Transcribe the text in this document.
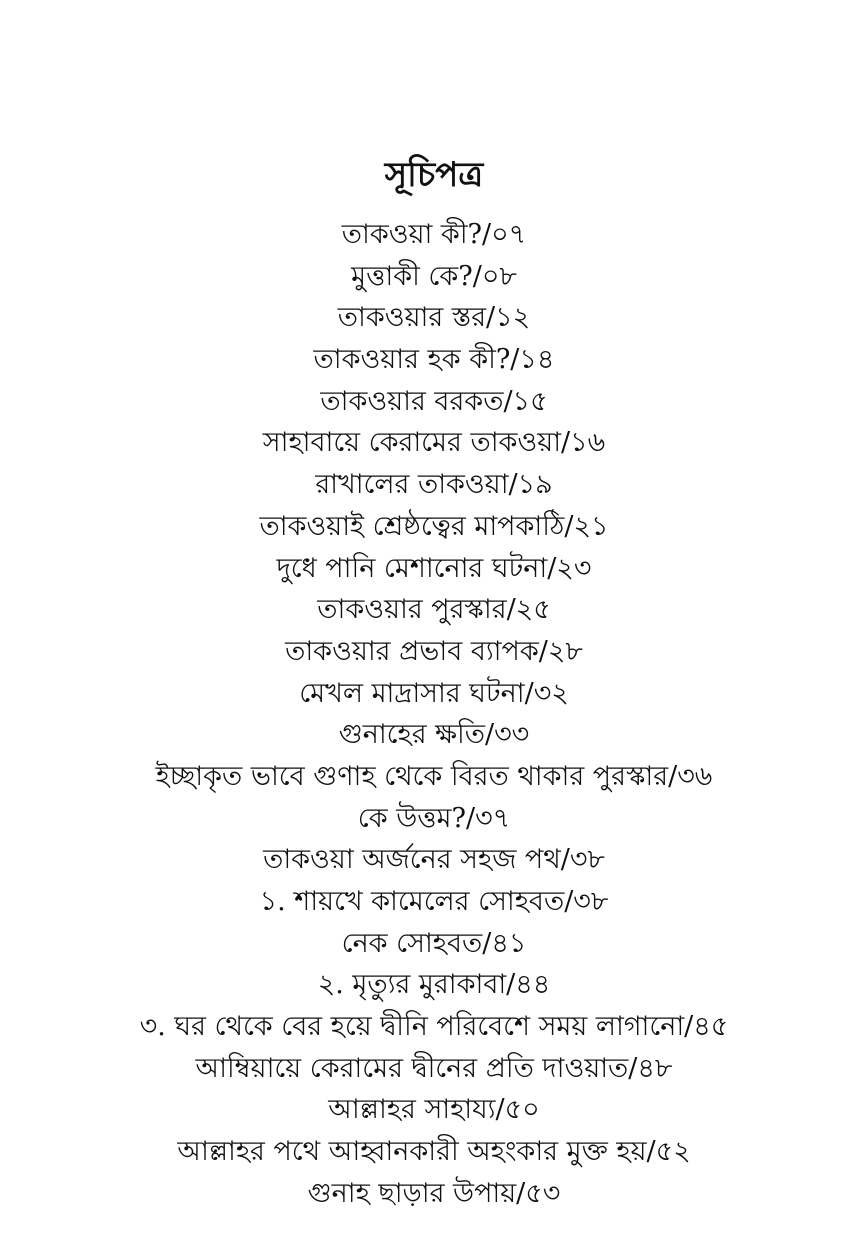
সূচিপত্র
তাকওয়া কী?/০৭
মুত্তাকী কে?/০৮
তাকওয়ার স্তর/১২
তাকওয়ার হক কী?/১৪
তাকওয়ার বরকত/১৫
সাহাবায়ে কেরামের তাকওয়া/১৬
রাখালের তাকওয়া/১৯
তাকওয়াই শ্রেষ্ঠত্বের মাপকাঠি/২১
দুধে পানি মেশানোর ঘটনা/২৩
তাকওয়ার পুরস্কার/২৫
তাকওয়ার প্রভাব ব্যাপক/২৮
মেখল মাদ্রাসার ঘটনা/৩২
গুনাহের ক্ষতি/৩৩
ইচ্ছাকৃত ভাবে গুণাহ থেকে বিরত থাকার পুরস্কার/৩৬
কে উত্তম?/৩৭
তাকওয়া অর্জনের সহজ পথ/৩৮
১. শায়খে কামেলের সোহবত/৩৮
নেক সোহবত/৪১
২. মৃত্যুর মুরাকাবা/৪৪
৩. ঘর থেকে বের হয়ে দ্বীনি পরিবেশে সময় লাগানো/৪৫
আম্বিয়ায়ে কেরামের দ্বীনের প্রতি দাওয়াত/৪৮
আল্লাহর সাহায্য/৫০
আল্লাহর পথে আহ্বানকারী অহংকার মুক্ত হয়/৫২
গুনাহ ছাড়ার উপায়/৫৩
